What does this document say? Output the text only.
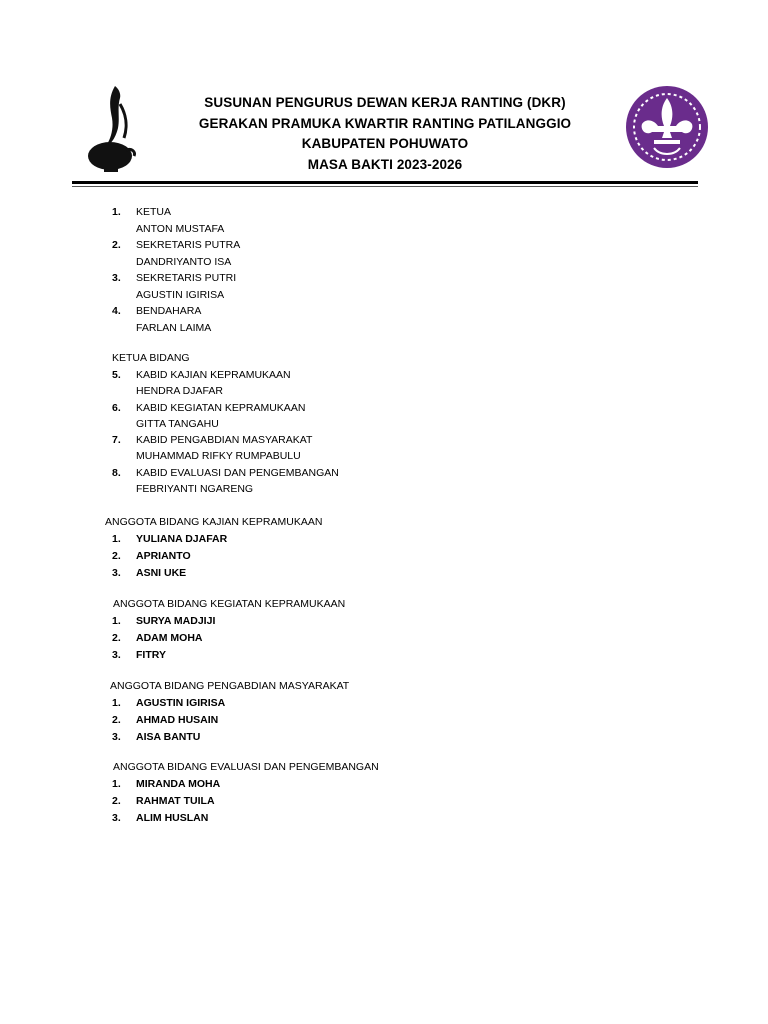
SUSUNAN PENGURUS DEWAN KERJA RANTING (DKR)
GERAKAN PRAMUKA KWARTIR RANTING PATILANGGIO
KABUPATEN POHUWATO
MASA BAKTI 2023-2026
1.	KETUA
ANTON MUSTAFA
2.	SEKRETARIS PUTRA
DANDRIYANTO ISA
3.	SEKRETARIS PUTRI
AGUSTIN IGIRISA
4.	BENDAHARA
FARLAN LAIMA
KETUA BIDANG
5.	KABID KAJIAN KEPRAMUKAAN
HENDRA DJAFAR
6.	KABID KEGIATAN KEPRAMUKAAN
GITTA TANGAHU
7.	KABID PENGABDIAN MASYARAKAT
MUHAMMAD RIFKY RUMPABULU
8.	KABID EVALUASI DAN PENGEMBANGAN
FEBRIYANTI NGARENG
ANGGOTA BIDANG KAJIAN KEPRAMUKAAN
1.	YULIANA DJAFAR
2.	APRIANTO
3.	ASNI UKE
ANGGOTA BIDANG KEGIATAN KEPRAMUKAAN
1.	SURYA MADJIJI
2.	ADAM MOHA
3.	FITRY
ANGGOTA BIDANG PENGABDIAN MASYARAKAT
1.	AGUSTIN IGIRISA
2.	AHMAD HUSAIN
3.	AISA BANTU
ANGGOTA BIDANG EVALUASI DAN PENGEMBANGAN
1.	MIRANDA MOHA
2.	RAHMAT TUILA
3.	ALIM HUSLAN
